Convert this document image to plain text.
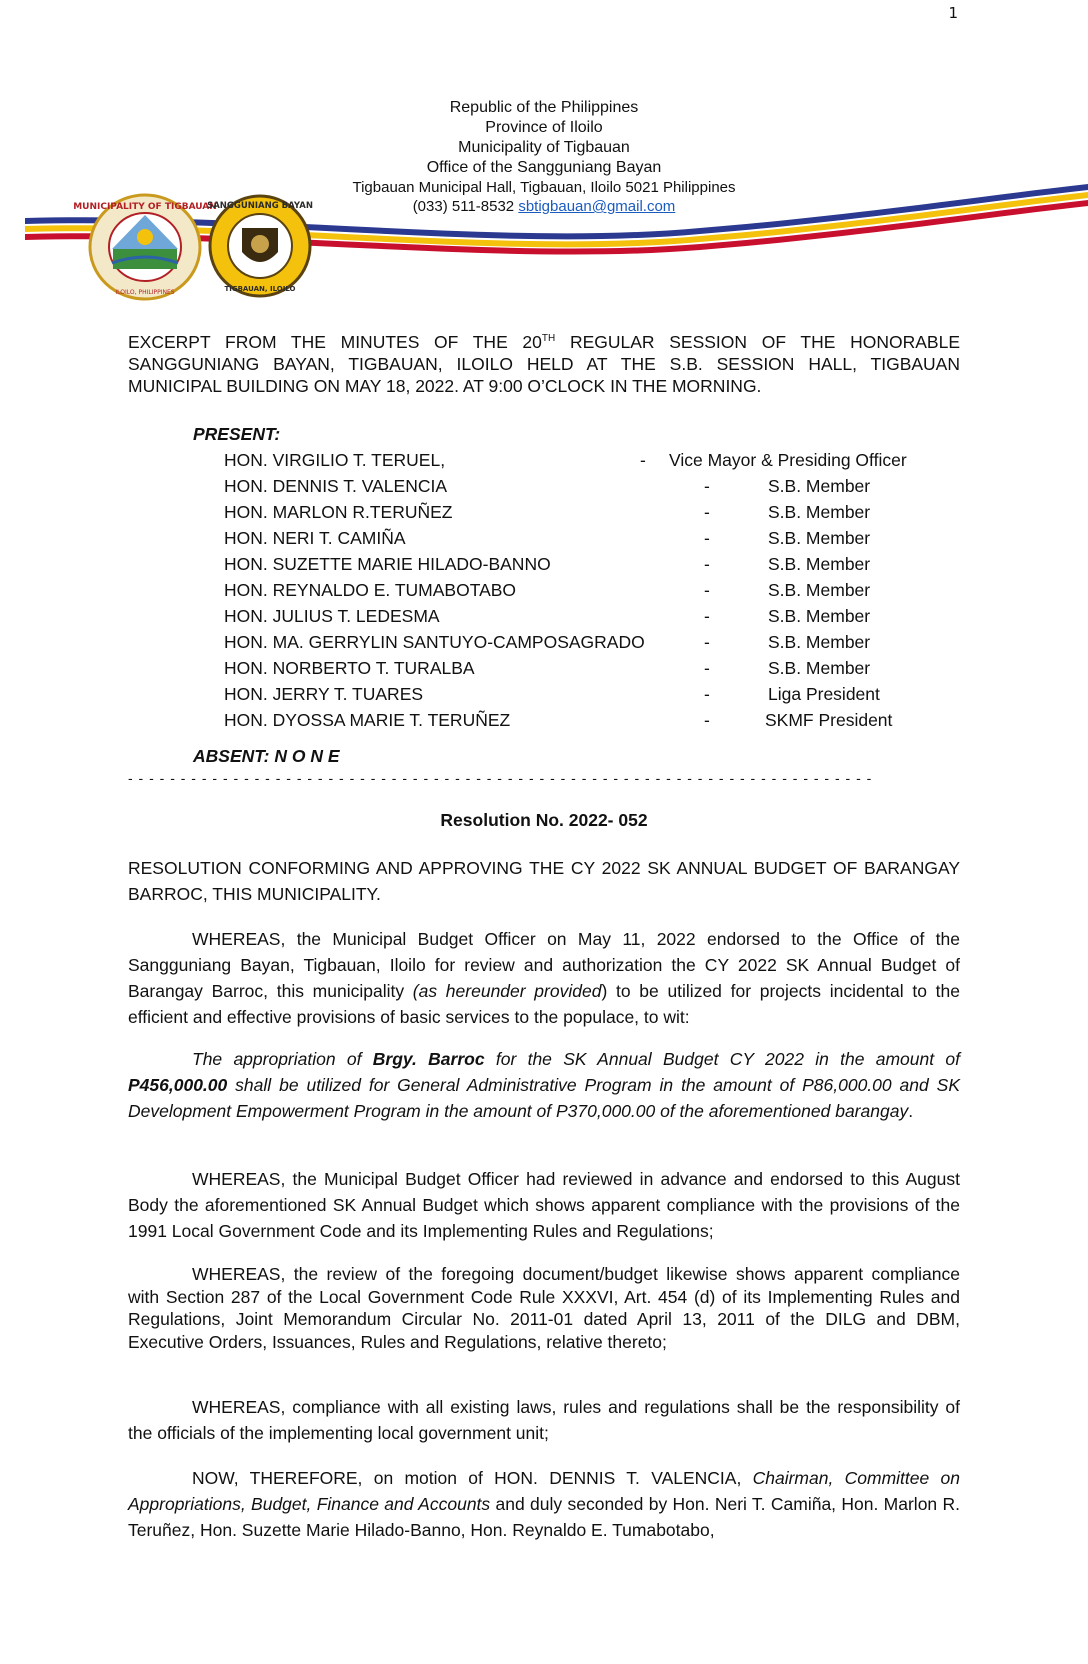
1
MUNICIPALITY OF TIGBAUAN
ILOILO, PHILIPPINES
SANGGUNIANG BAYAN
TIGBAUAN, ILOILO
Republic of the Philippines
Province of Iloilo
Municipality of Tigbauan
Office of the Sangguniang Bayan
Tigbauan Municipal Hall, Tigbauan, Iloilo 5021 Philippines
(033) 511-8532 sbtigbauan@gmail.com
EXCERPT FROM THE MINUTES OF THE 20TH REGULAR SESSION OF THE HONORABLE SANGGUNIANG BAYAN, TIGBAUAN, ILOILO HELD AT THE S.B. SESSION HALL, TIGBAUAN MUNICIPAL BUILDING ON MAY 18, 2022. AT 9:00 O’CLOCK IN THE MORNING.
PRESENT:
HON. VIRGILIO T. TERUEL,	- Vice Mayor & Presiding Officer
HON. DENNIS T. VALENCIA	-	S.B. Member
HON. MARLON R.TERUÑEZ	-	S.B. Member
HON. NERI T. CAMIÑA	-	S.B. Member
HON. SUZETTE MARIE HILADO-BANNO	-	S.B. Member
HON. REYNALDO E. TUMABOTABO	-	S.B. Member
HON. JULIUS T. LEDESMA	-	S.B. Member
HON. MA. GERRYLIN SANTUYO-CAMPOSAGRADO	-	S.B. Member
HON. NORBERTO T. TURALBA	-	S.B. Member
HON. JERRY T. TUARES	-	Liga President
HON. DYOSSA MARIE T. TERUÑEZ	-	SKMF President
ABSENT: N O N E
- - - - - - - - - - - - - - - - - - - - - - - - - - - - - - - - - - - - - - - - - - - - - - - - - - - - - - - - - - - - - - - - - - - - - - -
Resolution No. 2022- 052
RESOLUTION CONFORMING AND APPROVING THE CY 2022 SK ANNUAL BUDGET OF BARANGAY BARROC, THIS MUNICIPALITY.
WHEREAS, the Municipal Budget Officer on May 11, 2022 endorsed to the Office of the Sangguniang Bayan, Tigbauan, Iloilo for review and authorization the CY 2022 SK Annual Budget of Barangay Barroc, this municipality (as hereunder provided) to be utilized for projects incidental to the efficient and effective provisions of basic services to the populace, to wit:
The appropriation of Brgy. Barroc for the SK Annual Budget CY 2022 in the amount of P456,000.00 shall be utilized for General Administrative Program in the amount of P86,000.00 and SK Development Empowerment Program in the amount of P370,000.00 of the aforementioned barangay.
WHEREAS, the Municipal Budget Officer had reviewed in advance and endorsed to this August Body the aforementioned SK Annual Budget which shows apparent compliance with the provisions of the 1991 Local Government Code and its Implementing Rules and Regulations;
WHEREAS, the review of the foregoing document/budget likewise shows apparent compliance with Section 287 of the Local Government Code Rule XXXVI, Art. 454 (d) of its Implementing Rules and Regulations, Joint Memorandum Circular No. 2011-01 dated April 13, 2011 of the DILG and DBM, Executive Orders, Issuances, Rules and Regulations, relative thereto;
WHEREAS, compliance with all existing laws, rules and regulations shall be the responsibility of the officials of the implementing local government unit;
NOW, THEREFORE, on motion of HON. DENNIS T. VALENCIA, Chairman, Committee on Appropriations, Budget, Finance and Accounts and duly seconded by Hon. Neri T. Camiña, Hon. Marlon R. Teruñez, Hon. Suzette Marie Hilado-Banno, Hon. Reynaldo E. Tumabotabo,
